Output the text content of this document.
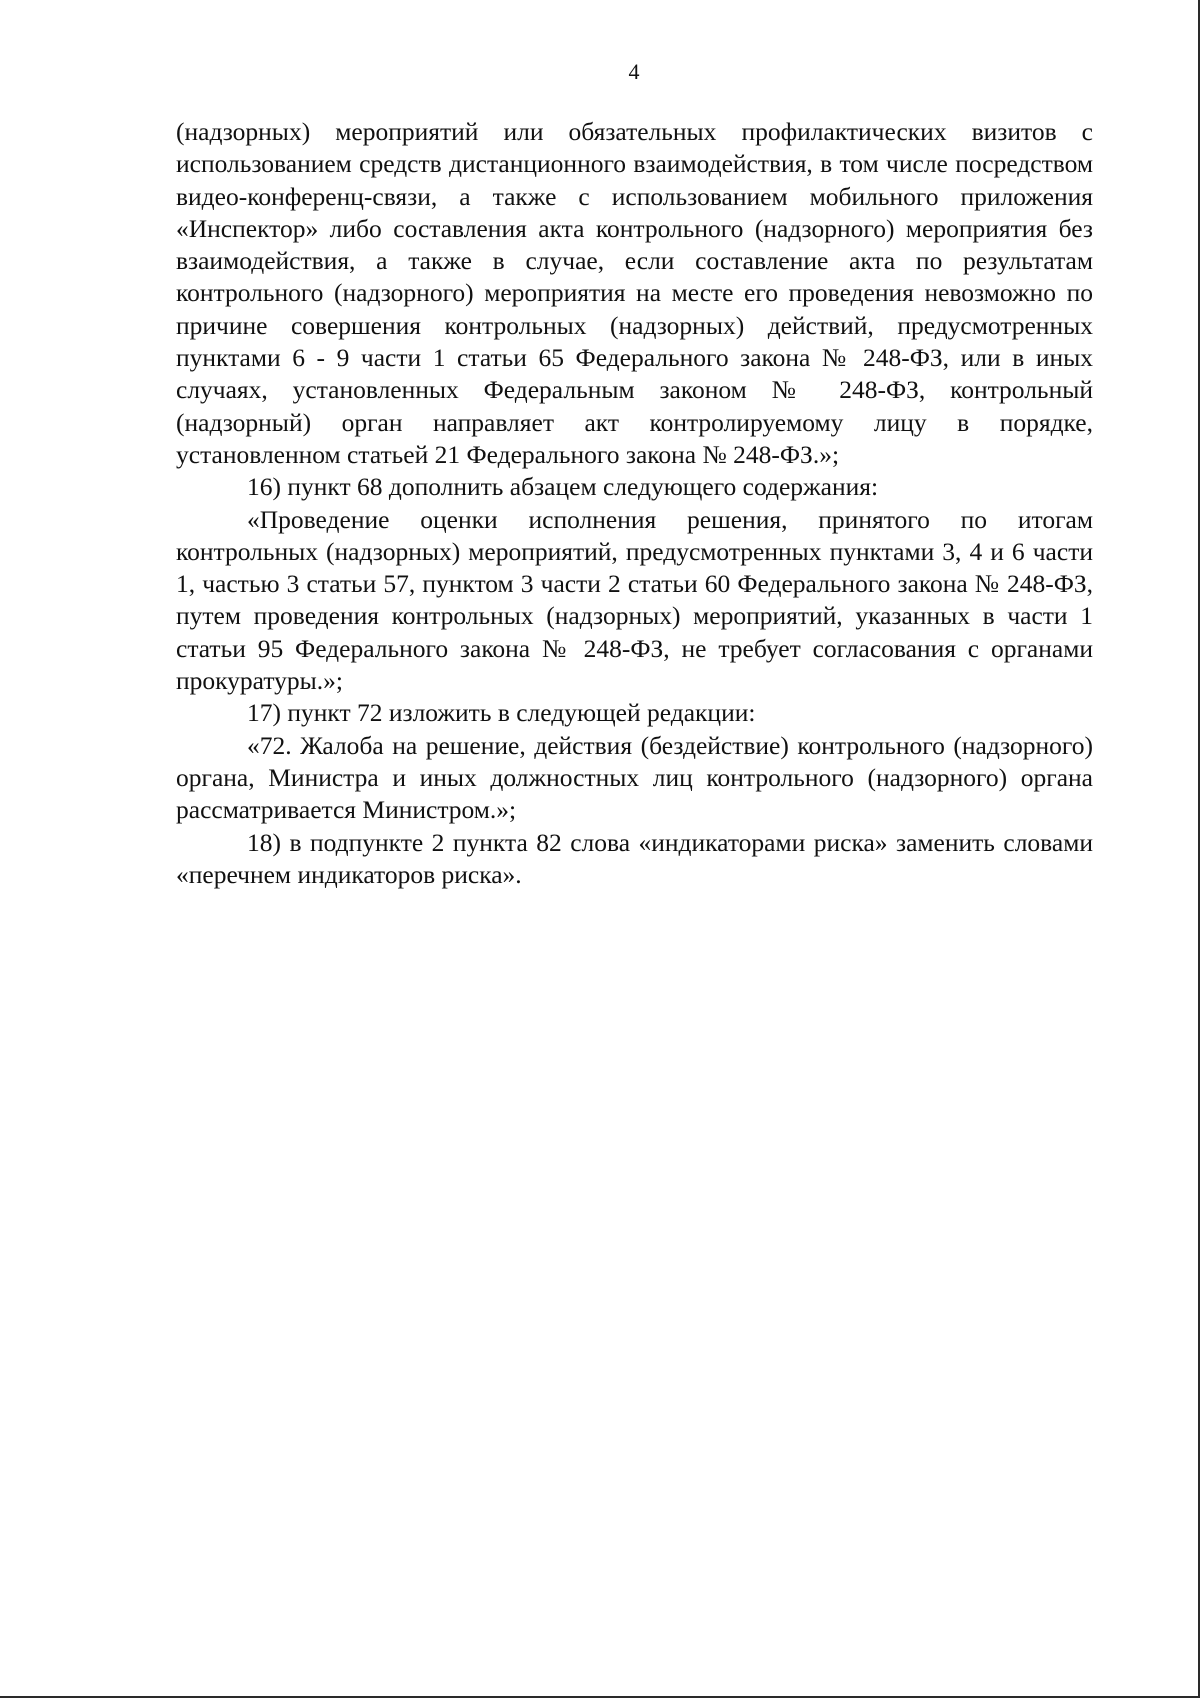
4

(надзорных) мероприятий или обязательных профилактических визитов с использованием средств дистанционного взаимодействия, в том числе посредством видео-конференц-связи, а также с использованием мобильного приложения «Инспектор» либо составления акта контрольного (надзорного) мероприятия без взаимодействия, а также в случае, если составление акта по результатам контрольного (надзорного) мероприятия на месте его проведения невозможно по причине совершения контрольных (надзорных) действий, предусмотренных пунктами 6 - 9 части 1 статьи 65 Федерального закона № 248-ФЗ, или в иных случаях, установленных Федеральным законом № 248-ФЗ, контрольный (надзорный) орган направляет акт контролируемому лицу в порядке, установленном статьей 21 Федерального закона № 248-ФЗ.»;

16) пункт 68 дополнить абзацем следующего содержания:

«Проведение оценки исполнения решения, принятого по итогам контрольных (надзорных) мероприятий, предусмотренных пунктами 3, 4 и 6 части 1, частью 3 статьи 57, пунктом 3 части 2 статьи 60 Федерального закона № 248-ФЗ, путем проведения контрольных (надзорных) мероприятий, указанных в части 1 статьи 95 Федерального закона № 248-ФЗ, не требует согласования с органами прокуратуры.»;

17) пункт 72 изложить в следующей редакции:

«72. Жалоба на решение, действия (бездействие) контрольного (надзорного) органа, Министра и иных должностных лиц контрольного (надзорного) органа рассматривается Министром.»;

18) в подпункте 2 пункта 82 слова «индикаторами риска» заменить словами «перечнем индикаторов риска».
